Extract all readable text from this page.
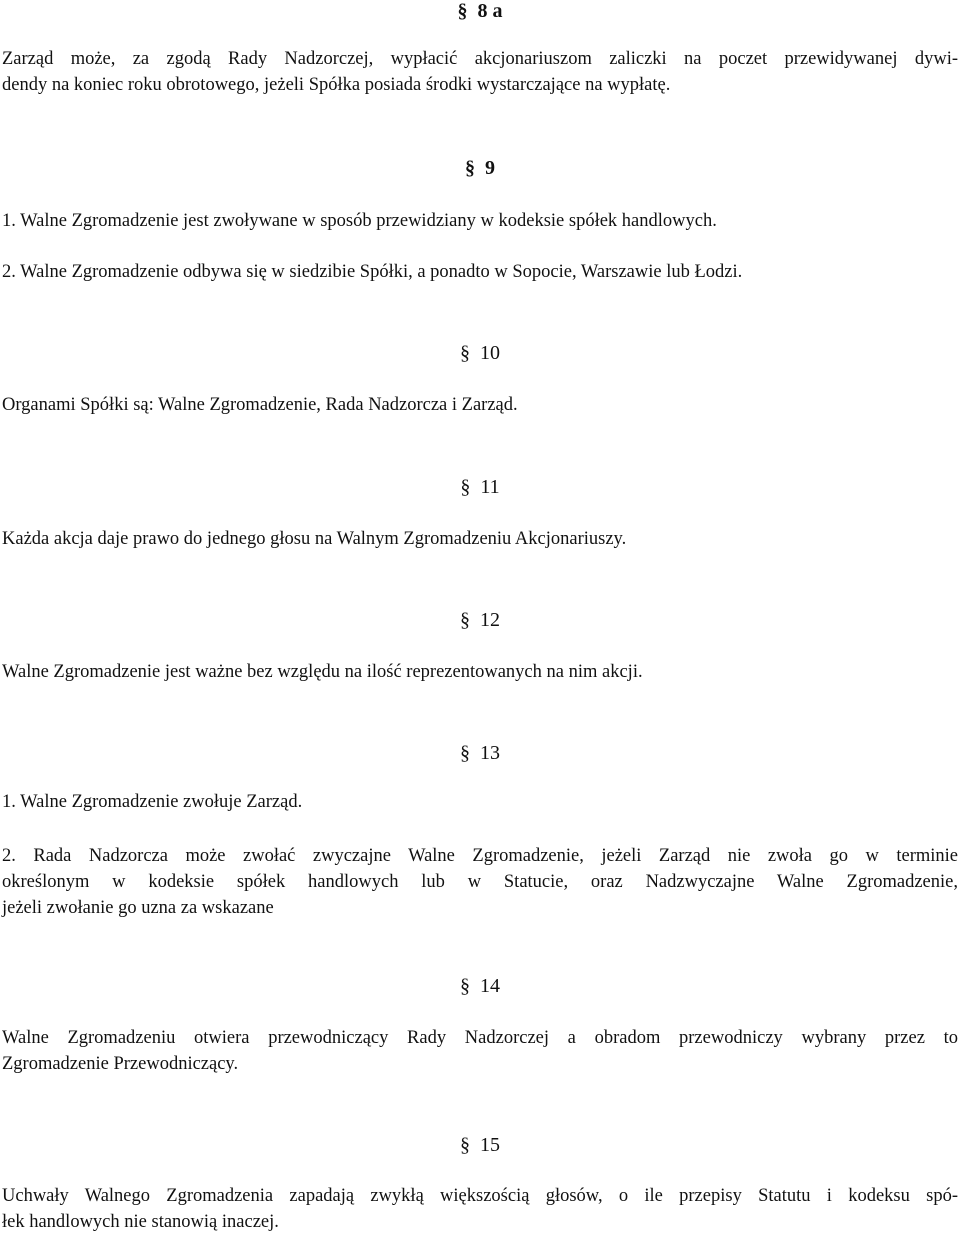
§ 8 a

Zarząd może, za zgodą Rady Nadzorczej, wypłacić akcjonariuszom zaliczki na poczet przewidywanej dywi-
dendy na koniec roku obrotowego, jeżeli Spółka posiada środki wystarczające na wypłatę.

§ 9

1. Walne Zgromadzenie jest zwoływane w sposób przewidziany w kodeksie spółek handlowych.

2. Walne Zgromadzenie odbywa się w siedzibie Spółki, a ponadto w Sopocie, Warszawie lub Łodzi.

§ 10

Organami Spółki są: Walne Zgromadzenie, Rada Nadzorcza i Zarząd.

§ 11

Każda akcja daje prawo do jednego głosu na Walnym Zgromadzeniu Akcjonariuszy.

§ 12

Walne Zgromadzenie jest ważne bez względu na ilość reprezentowanych na nim akcji.

§ 13

1. Walne Zgromadzenie zwołuje Zarząd.

2. Rada Nadzorcza może zwołać zwyczajne Walne Zgromadzenie, jeżeli Zarząd nie zwoła go w terminie
określonym w kodeksie spółek handlowych lub w Statucie, oraz Nadzwyczajne Walne Zgromadzenie,
jeżeli zwołanie go uzna za wskazane

§ 14

Walne Zgromadzeniu otwiera przewodniczący Rady Nadzorczej a obradom przewodniczy wybrany przez to
Zgromadzenie Przewodniczący.

§ 15

Uchwały Walnego Zgromadzenia zapadają zwykłą większością głosów, o ile przepisy Statutu i kodeksu spó-
łek handlowych nie stanowią inaczej.
